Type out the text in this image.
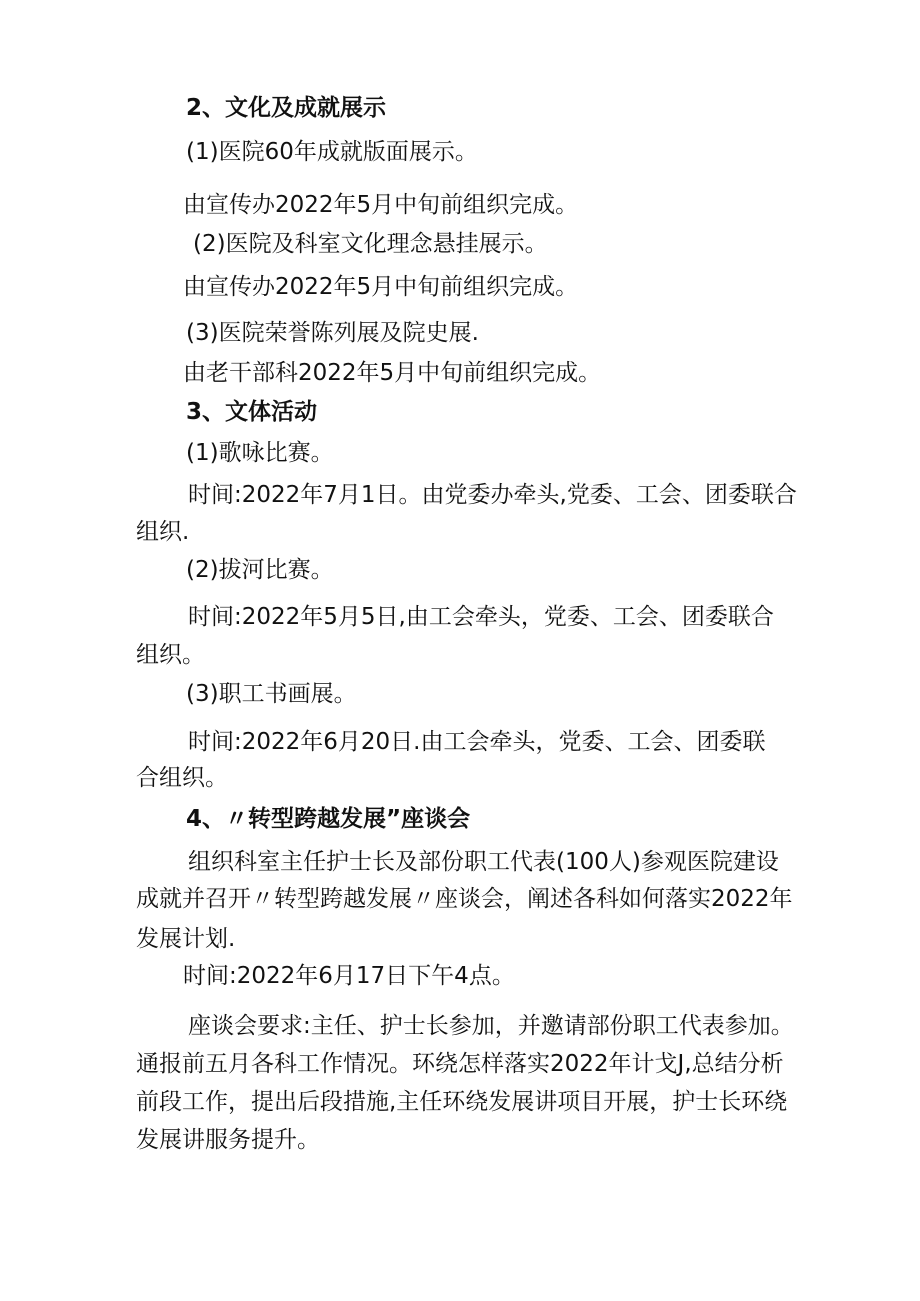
2、文化及成就展示
(1)医院60年成就版面展示。
由宣传办2022年5月中旬前组织完成。
(2)医院及科室文化理念悬挂展示。
由宣传办2022年5月中旬前组织完成。
(3)医院荣誉陈列展及院史展.
由老干部科2022年5月中旬前组织完成。
3、文体活动
(1)歌咏比赛。
时间:2022年7月1日。由党委办牵头,党委、工会、团委联合
组织.
(2)拔河比赛。
时间:2022年5月5日,由工会牵头，党委、工会、团委联合
组织。
(3)职工书画展。
时间:2022年6月20日.由工会牵头，党委、工会、团委联
合组织。
4、〃转型跨越发展”座谈会
组织科室主任护士长及部份职工代表(100人)参观医院建设
成就并召开〃转型跨越发展〃座谈会，阐述各科如何落实2022年
发展计划.
时间:2022年6月17日下午4点。
座谈会要求:主任、护士长参加，并邀请部份职工代表参加。
通报前五月各科工作情况。环绕怎样落实2022年计戈J,总结分析
前段工作，提出后段措施,主任环绕发展讲项目开展，护士长环绕
发展讲服务提升。
